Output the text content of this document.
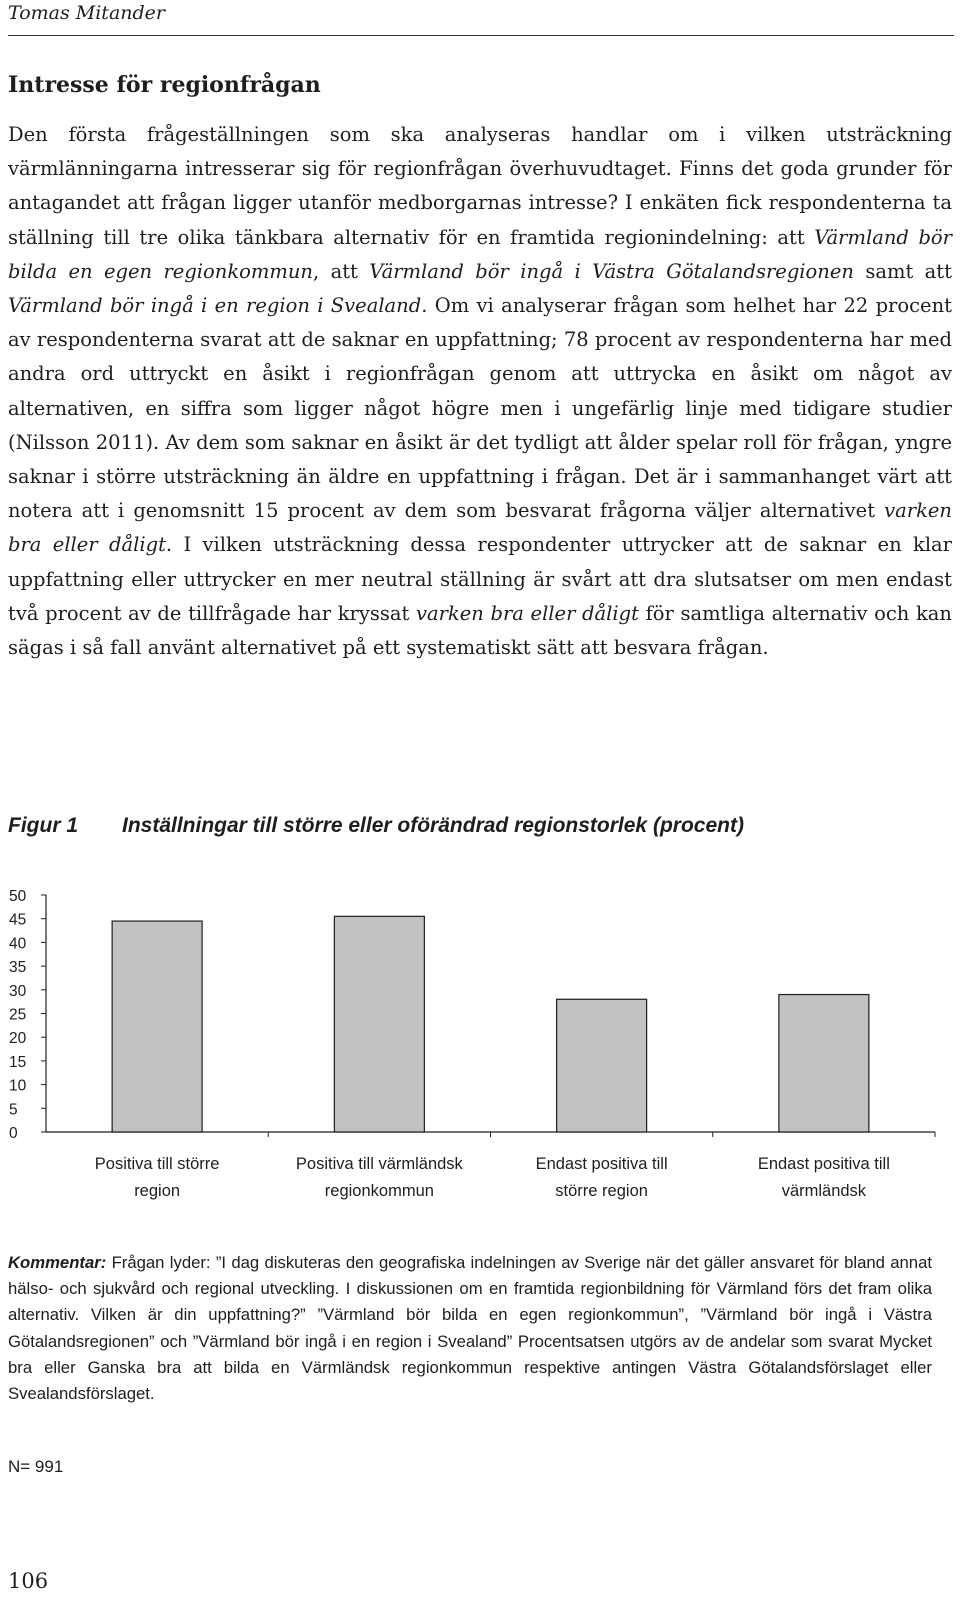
Tomas Mitander
Intresse för regionfrågan

Den första frågeställningen som ska analyseras handlar om i vilken utsträckning värmlänningarna intresserar sig för regionfrågan överhuvudtaget. Finns det goda grunder för antagandet att frågan ligger utanför medborgarnas intresse? I enkäten fick respondenterna ta ställning till tre olika tänkbara alternativ för en framtida regionindelning: att Värmland bör bilda en egen regionkommun, att Värmland bör ingå i Västra Götalandsregionen samt att Värmland bör ingå i en region i Svealand. Om vi analyserar frågan som helhet har 22 procent av respondenterna svarat att de saknar en uppfattning; 78 procent av respondenterna har med andra ord uttryckt en åsikt i regionfrågan genom att uttrycka en åsikt om något av alternativen, en siffra som ligger något högre men i ungefärlig linje med tidigare studier (Nilsson 2011). Av dem som saknar en åsikt är det tydligt att ålder spelar roll för frågan, yngre saknar i större utsträckning än äldre en uppfattning i frågan. Det är i sammanhanget värt att notera att i genomsnitt 15 procent av dem som besvarat frågorna väljer alternativet varken bra eller dåligt. I vilken utsträckning dessa respondenter uttrycker att de saknar en klar uppfattning eller uttrycker en mer neutral ställning är svårt att dra slutsatser om men endast två procent av de tillfrågade har kryssat varken bra eller dåligt för samtliga alternativ och kan sägas i så fall använt alternativet på ett systematiskt sätt att besvara frågan.

Figur 1 Inställningar till större eller oförändrad regionstorlek (procent)
0
5
10
15
20
25
30
35
40
45
50
Positiva till större
region
Positiva till värmländsk
regionkommun
Endast positiva till
större region
Endast positiva till
värmländsk

Kommentar: Frågan lyder: ”I dag diskuteras den geografiska indelningen av Sverige när det gäller ansvaret för bland annat hälso- och sjukvård och regional utveckling. I diskussionen om en framtida regionbildning för Värmland förs det fram olika alternativ. Vilken är din uppfattning?” ”Värmland bör bilda en egen regionkommun”, ”Värmland bör ingå i Västra Götalandsregionen” och ”Värmland bör ingå i en region i Svealand” Procentsatsen utgörs av de andelar som svarat Mycket bra eller Ganska bra att bilda en Värmländsk regionkommun respektive antingen Västra Götalandsförslaget eller Svealandsförslaget.

N= 991
106
